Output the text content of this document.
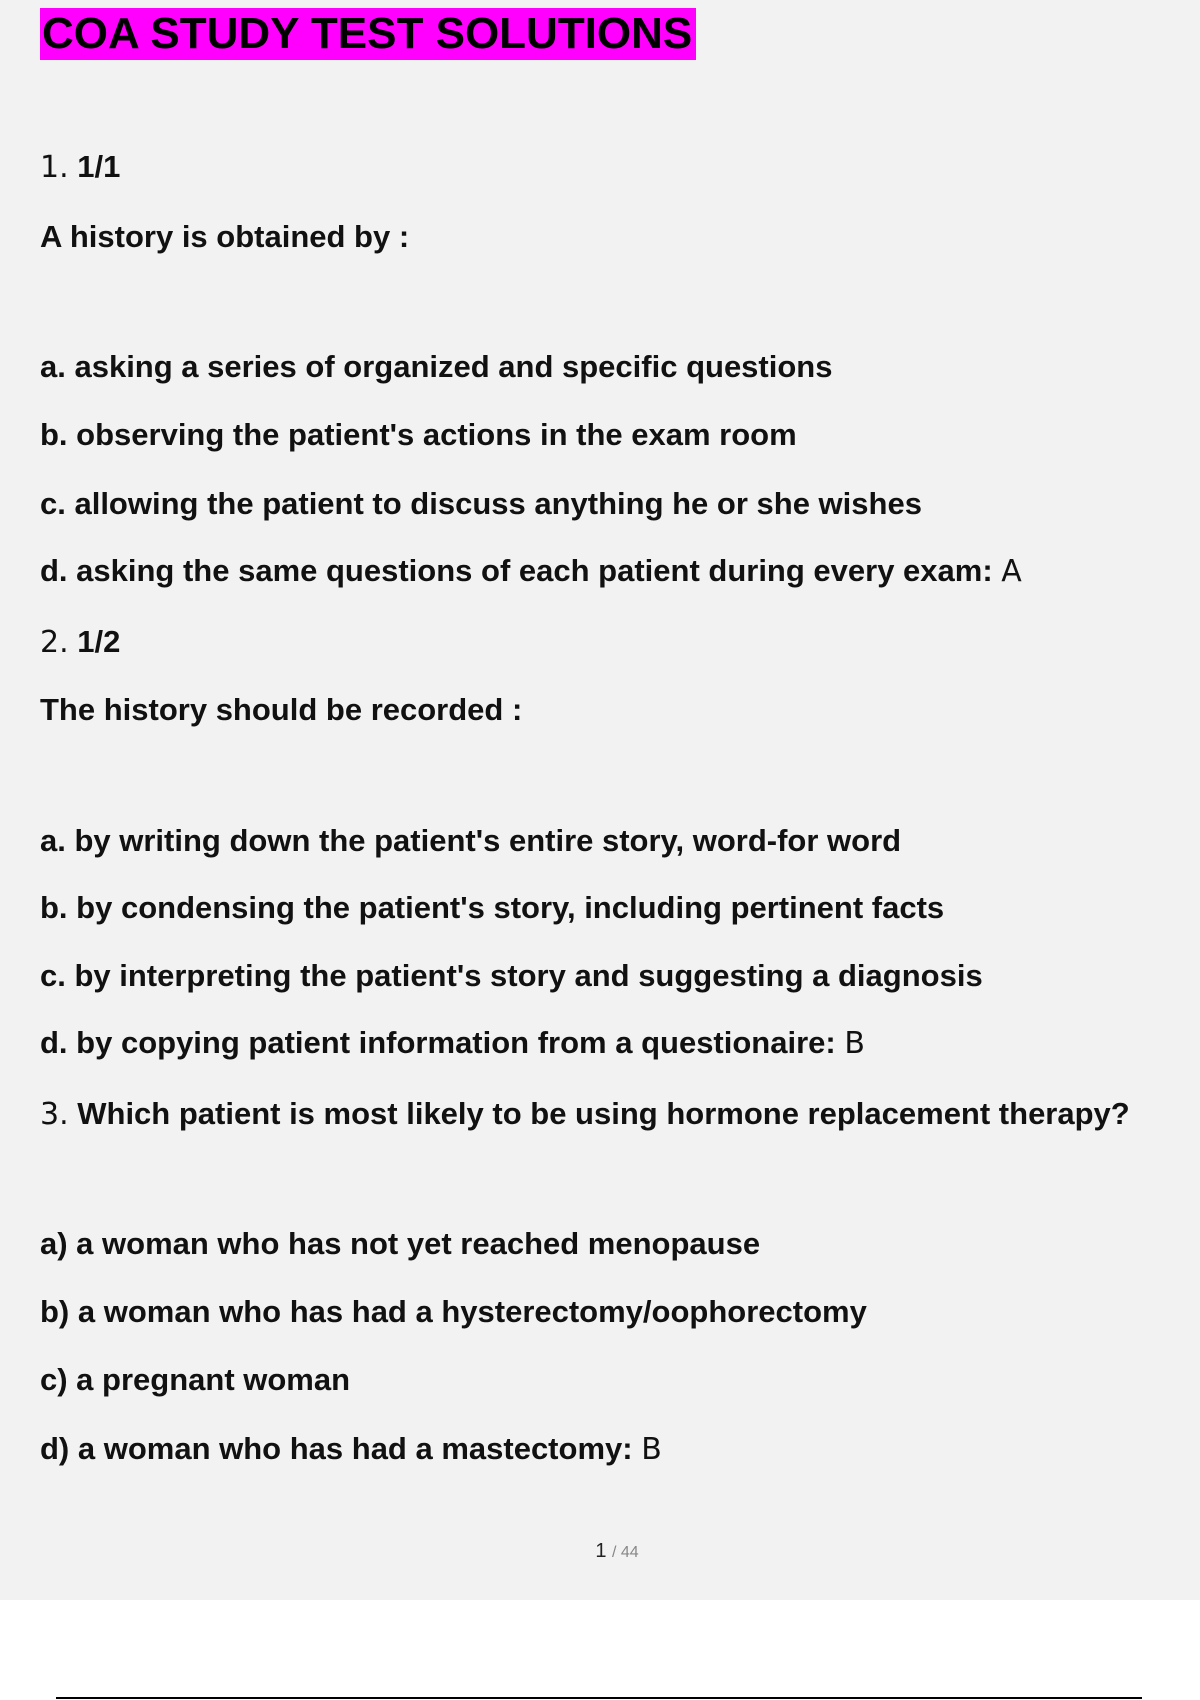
COA STUDY TEST SOLUTIONS
1. 1/1
A history is obtained by :
a. asking a series of organized and specific questions
b. observing the patient's actions in the exam room
c. allowing the patient to discuss anything he or she wishes
d. asking the same questions of each patient during every exam: A
2. 1/2
The history should be recorded :
a. by writing down the patient's entire story, word-for word
b. by condensing the patient's story, including pertinent facts
c. by interpreting the patient's story and suggesting a diagnosis
d. by copying patient information from a questionaire: B
3. Which patient is most likely to be using hormone replacement therapy?
a) a woman who has not yet reached menopause
b) a woman who has had a hysterectomy/oophorectomy
c) a pregnant woman
d) a woman who has had a mastectomy: B
1 / 44
